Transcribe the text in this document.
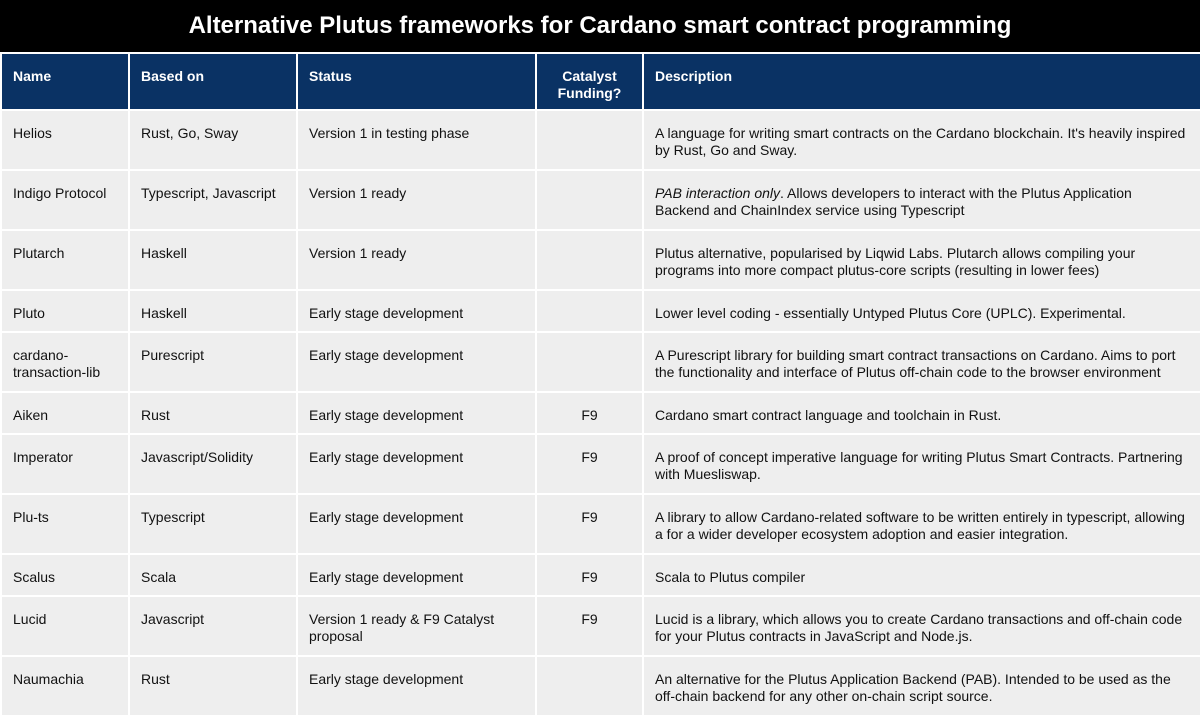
Alternative Plutus frameworks for Cardano smart contract programming
Name	Based on	Status	Catalyst Funding?	Description
Helios	Rust, Go, Sway	Version 1 in testing phase		A language for writing smart contracts on the Cardano blockchain. It's heavily inspired by Rust, Go and Sway.
Indigo Protocol	Typescript, Javascript	Version 1 ready		PAB interaction only. Allows developers to interact with the Plutus Application Backend and ChainIndex service using Typescript
Plutarch	Haskell	Version 1 ready		Plutus alternative, popularised by Liqwid Labs. Plutarch allows compiling your programs into more compact plutus-core scripts (resulting in lower fees)
Pluto	Haskell	Early stage development		Lower level coding - essentially Untyped Plutus Core (UPLC). Experimental.
cardano-transaction-lib	Purescript	Early stage development		A Purescript library for building smart contract transactions on Cardano. Aims to port the functionality and interface of Plutus off-chain code to the browser environment
Aiken	Rust	Early stage development	F9	Cardano smart contract language and toolchain in Rust.
Imperator	Javascript/Solidity	Early stage development	F9	A proof of concept imperative language for writing Plutus Smart Contracts. Partnering with Muesliswap.
Plu-ts	Typescript	Early stage development	F9	A library to allow Cardano-related software to be written entirely in typescript, allowing a for a wider developer ecosystem adoption and easier integration.
Scalus	Scala	Early stage development	F9	Scala to Plutus compiler
Lucid	Javascript	Version 1 ready & F9 Catalyst proposal	F9	Lucid is a library, which allows you to create Cardano transactions and off-chain code for your Plutus contracts in JavaScript and Node.js.
Naumachia	Rust	Early stage development		An alternative for the Plutus Application Backend (PAB). Intended to be used as the off-chain backend for any other on-chain script source.
